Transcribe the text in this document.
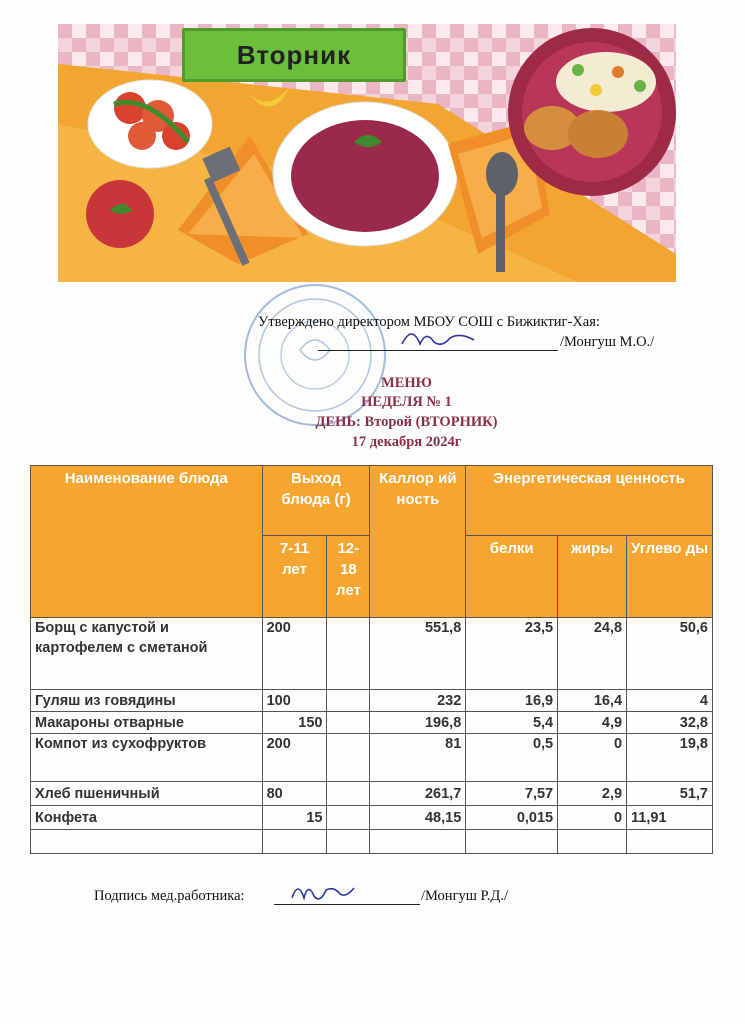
Вторник
Утверждено директором МБОУ СОШ с Бижиктиг-Хая:
/Монгуш М.О./
МЕНЮ
НЕДЕЛЯ № 1
ДЕНЬ: Второй (ВТОРНИК)
17 декабря 2024г
Наименование блюда	Выход блюда (г)		Каллор ий ность	Энергетическая ценность		
	7-11 лет	12-18 лет		белки	жиры	Углево ды
Борщ с капустой и картофелем с сметаной	200		551,8	23,5	24,8	50,6
Гуляш из говядины	100		232	16,9	16,4	4
Макароны отварные	150		196,8	5,4	4,9	32,8
Компот из сухофруктов	200		81	0,5	0	19,8
Хлеб пшеничный	80		261,7	7,57	2,9	51,7
Конфета	15		48,15	0,015	0	11,91

Подпись мед.работника:	/Монгуш Р.Д./
